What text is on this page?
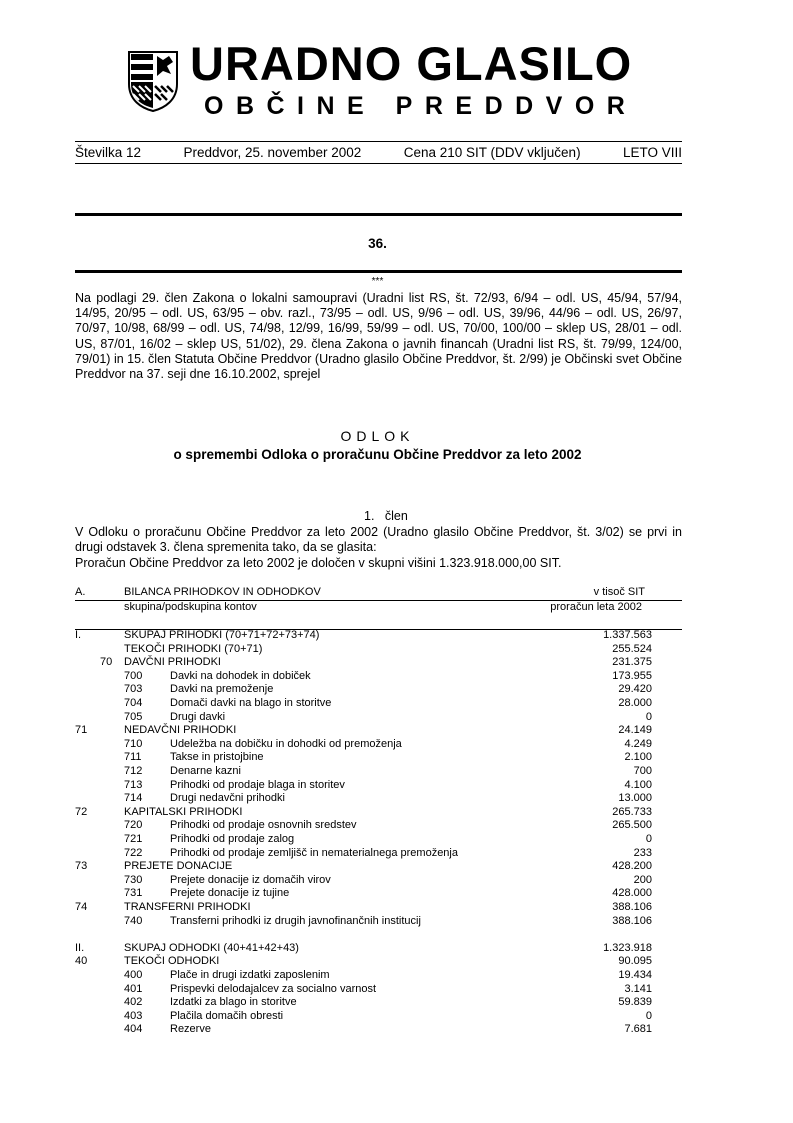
URADNO GLASILO
OBČINE PREDDVOR
Številka 12	Preddvor, 25. november 2002	Cena 210 SIT (DDV vključen)	LETO VIII
36.
***
Na podlagi 29. člen Zakona o lokalni samoupravi (Uradni list RS, št. 72/93, 6/94 – odl. US, 45/94, 57/94, 14/95, 20/95 – odl. US, 63/95 – obv. razl., 73/95 – odl. US, 9/96 – odl. US, 39/96, 44/96 – odl. US, 26/97, 70/97, 10/98, 68/99 – odl. US, 74/98, 12/99, 16/99, 59/99 – odl. US, 70/00, 100/00 – sklep US, 28/01 – odl. US, 87/01, 16/02 – sklep US, 51/02), 29. člena Zakona o javnih financah (Uradni list RS, št. 79/99, 124/00, 79/01) in 15. člen Statuta Občine Preddvor (Uradno glasilo Občine Preddvor, št. 2/99) je Občinski svet Občine Preddvor na 37. seji dne 16.10.2002, sprejel
ODLOK
o spremembi Odloka o proračunu Občine Preddvor za leto 2002
1.   člen
V Odloku o proračunu Občine Preddvor za leto 2002 (Uradno glasilo Občine Preddvor, št. 3/02) se prvi in drugi odstavek 3. člena spremenita tako, da se glasita:
Proračun Občine Preddvor za leto 2002 je določen v skupni višini 1.323.918.000,00 SIT.
A.	BILANCA PRIHODKOV IN ODHODKOV	v tisoč SIT
skupina/podskupina kontov	proračun leta 2002
I.	SKUPAJ PRIHODKI (70+71+72+73+74)	1.337.563
TEKOČI PRIHODKI (70+71)	255.524
70 DAVČNI PRIHODKI	231.375
700	Davki na dohodek in dobiček	173.955
703	Davki na premoženje	29.420
704	Domači davki na blago in storitve	28.000
705	Drugi davki	0
71	NEDAVČNI PRIHODKI	24.149
710	Udeležba na dobičku in dohodki od premoženja	4.249
711	Takse in pristojbine	2.100
712	Denarne kazni	700
713	Prihodki od prodaje blaga in storitev	4.100
714	Drugi nedavčni prihodki	13.000
72	KAPITALSKI PRIHODKI	265.733
720	Prihodki od prodaje osnovnih sredstev	265.500
721	Prihodki od prodaje zalog	0
722	Prihodki od prodaje zemljišč in nematerialnega premoženja	233
73	PREJETE DONACIJE	428.200
730	Prejete donacije iz domačih virov	200
731	Prejete donacije iz tujine	428.000
74	TRANSFERNI PRIHODKI	388.106
740	Transferni prihodki iz drugih javnofinančnih institucij	388.106
II.	SKUPAJ ODHODKI (40+41+42+43)	1.323.918
40	TEKOČI ODHODKI	90.095
400	Plače in drugi izdatki zaposlenim	19.434
401	Prispevki delodajalcev za socialno varnost	3.141
402	Izdatki za blago in storitve	59.839
403	Plačila domačih obresti	0
404	Rezerve	7.681
